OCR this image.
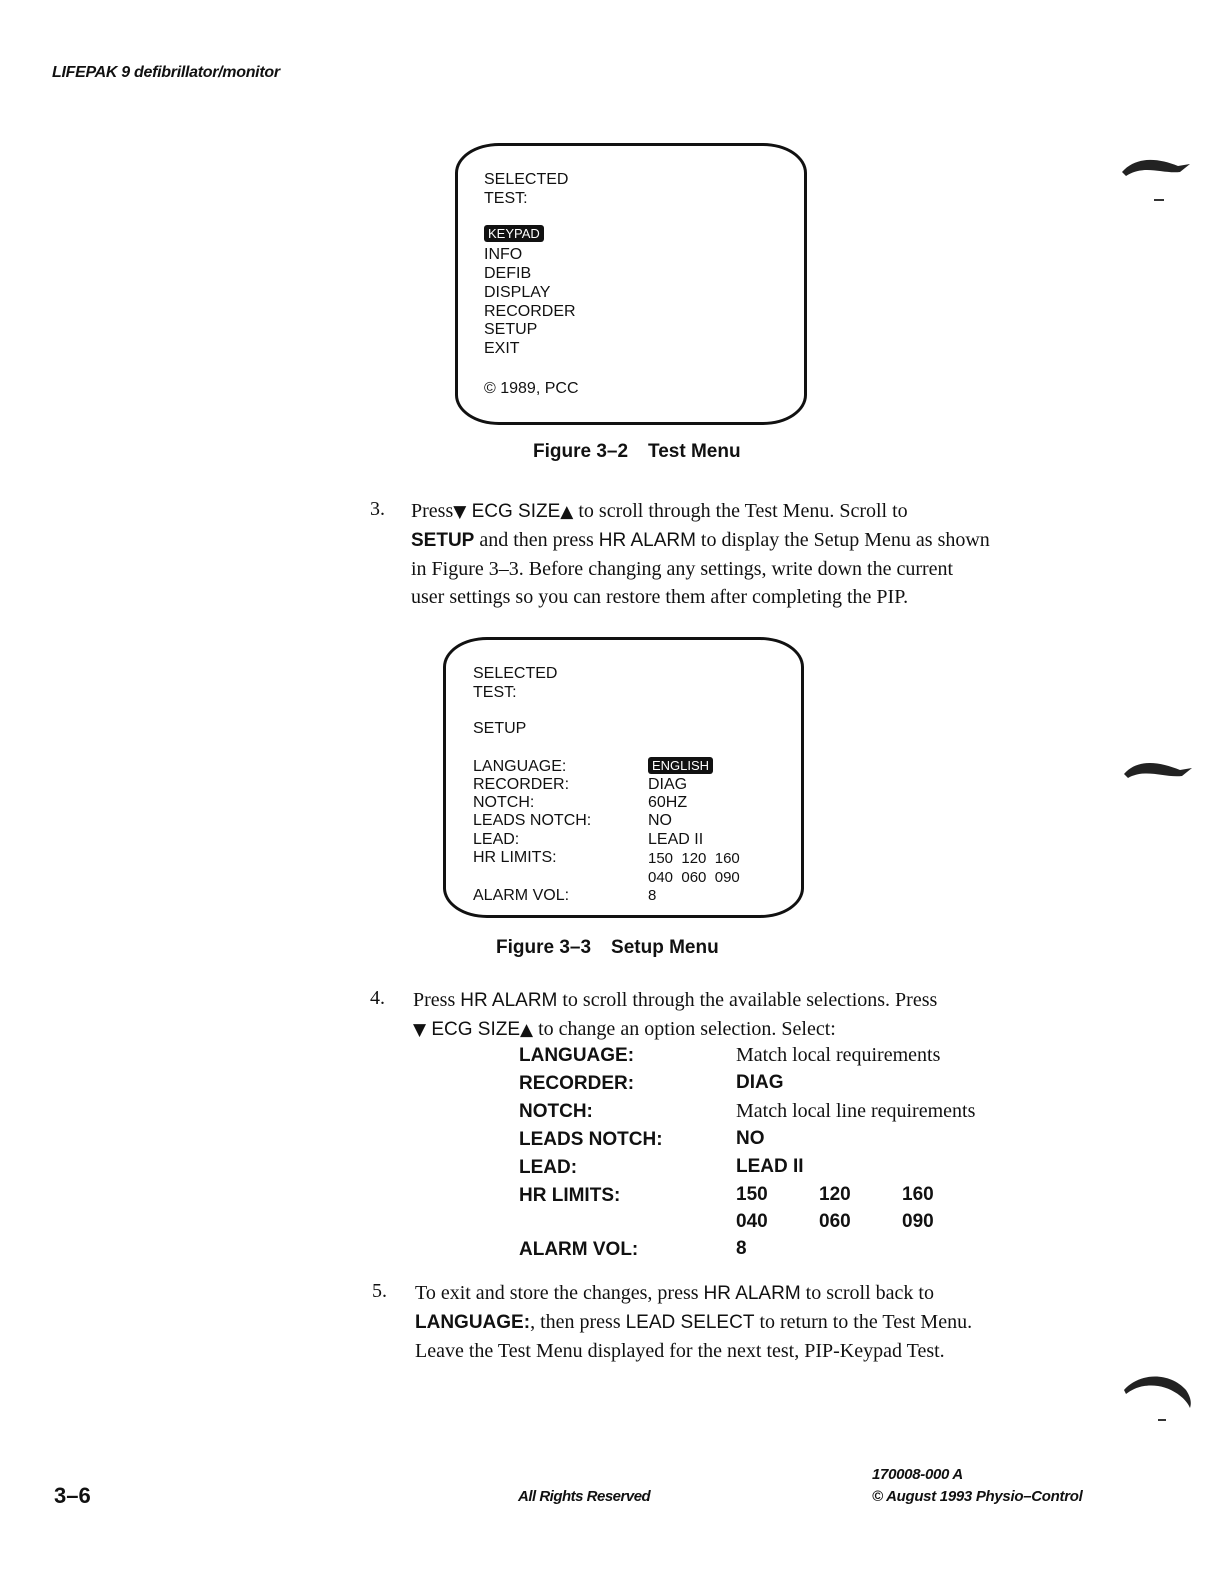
LIFEPAK 9 defibrillator/monitor
SELECTED
TEST:
KEYPAD
INFO
DEFIB
DISPLAY
RECORDER
SETUP
EXIT
© 1989, PCC
Figure 3–2 Test Menu
3. Press▼ ECG SIZE▲ to scroll through the Test Menu. Scroll to
SETUP and then press HR ALARM to display the Setup Menu as shown
in Figure 3–3. Before changing any settings, write down the current
user settings so you can restore them after completing the PIP.
SELECTED
TEST:
SETUP
LANGUAGE:	ENGLISH
RECORDER:	DIAG
NOTCH:	60HZ
LEADS NOTCH:	NO
LEAD:	LEAD II
HR LIMITS:	150  120  160
040  060  090
ALARM VOL:	8
Figure 3–3 Setup Menu
4. Press HR ALARM to scroll through the available selections. Press
▼ ECG SIZE▲ to change an option selection. Select:
LANGUAGE:	Match local requirements
RECORDER:	DIAG
NOTCH:	Match local line requirements
LEADS NOTCH:	NO
LEAD:	LEAD II
HR LIMITS:	150	120	160
040	060	090
ALARM VOL:	8
5. To exit and store the changes, press HR ALARM to scroll back to
LANGUAGE:, then press LEAD SELECT to return to the Test Menu.
Leave the Test Menu displayed for the next test, PIP-Keypad Test.
3–6	All Rights Reserved
170008-000 A
© August 1993 Physio–Control
